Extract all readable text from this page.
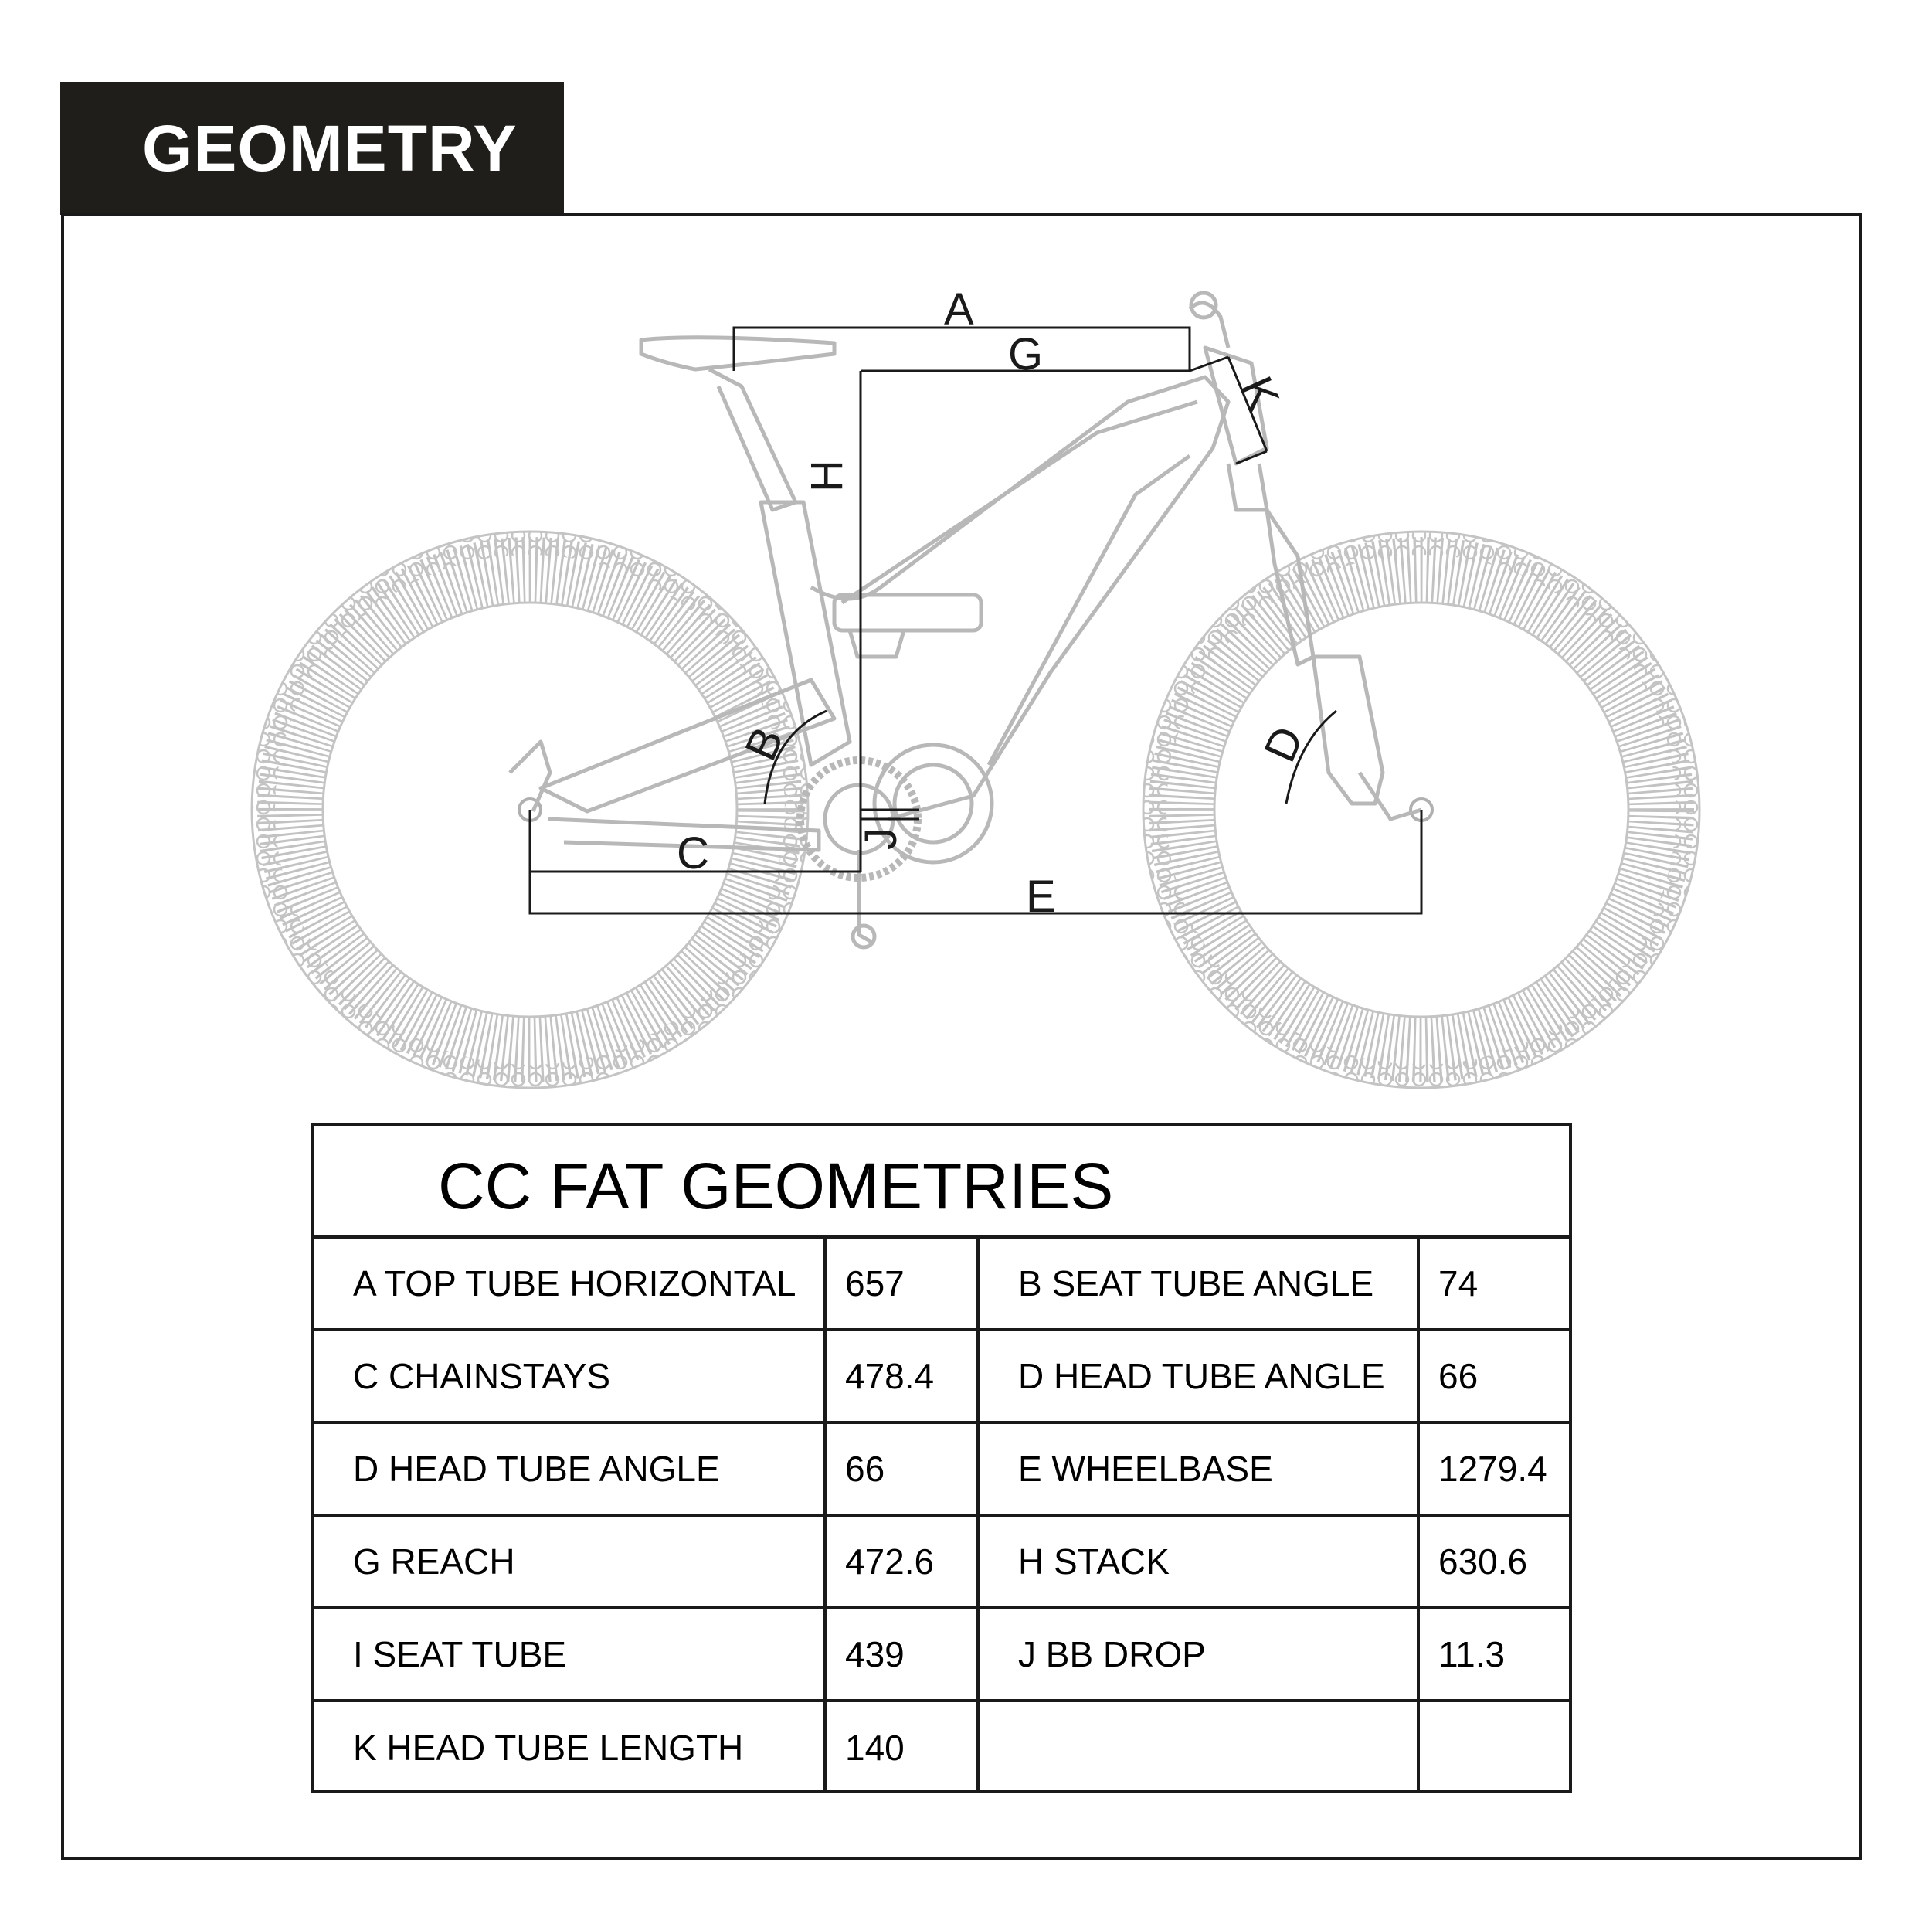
GEOMETRY
A
G
H
K
B	D
C	J
E
CC FAT GEOMETRIES
A TOP TUBE HORIZONTAL	657	B SEAT TUBE ANGLE	74
C CHAINSTAYS	478.4	D HEAD TUBE ANGLE	66
D HEAD TUBE ANGLE	66	E WHEELBASE	1279.4
G REACH	472.6	H STACK	630.6
I SEAT TUBE	439	J BB DROP	11.3
K HEAD TUBE LENGTH	140
